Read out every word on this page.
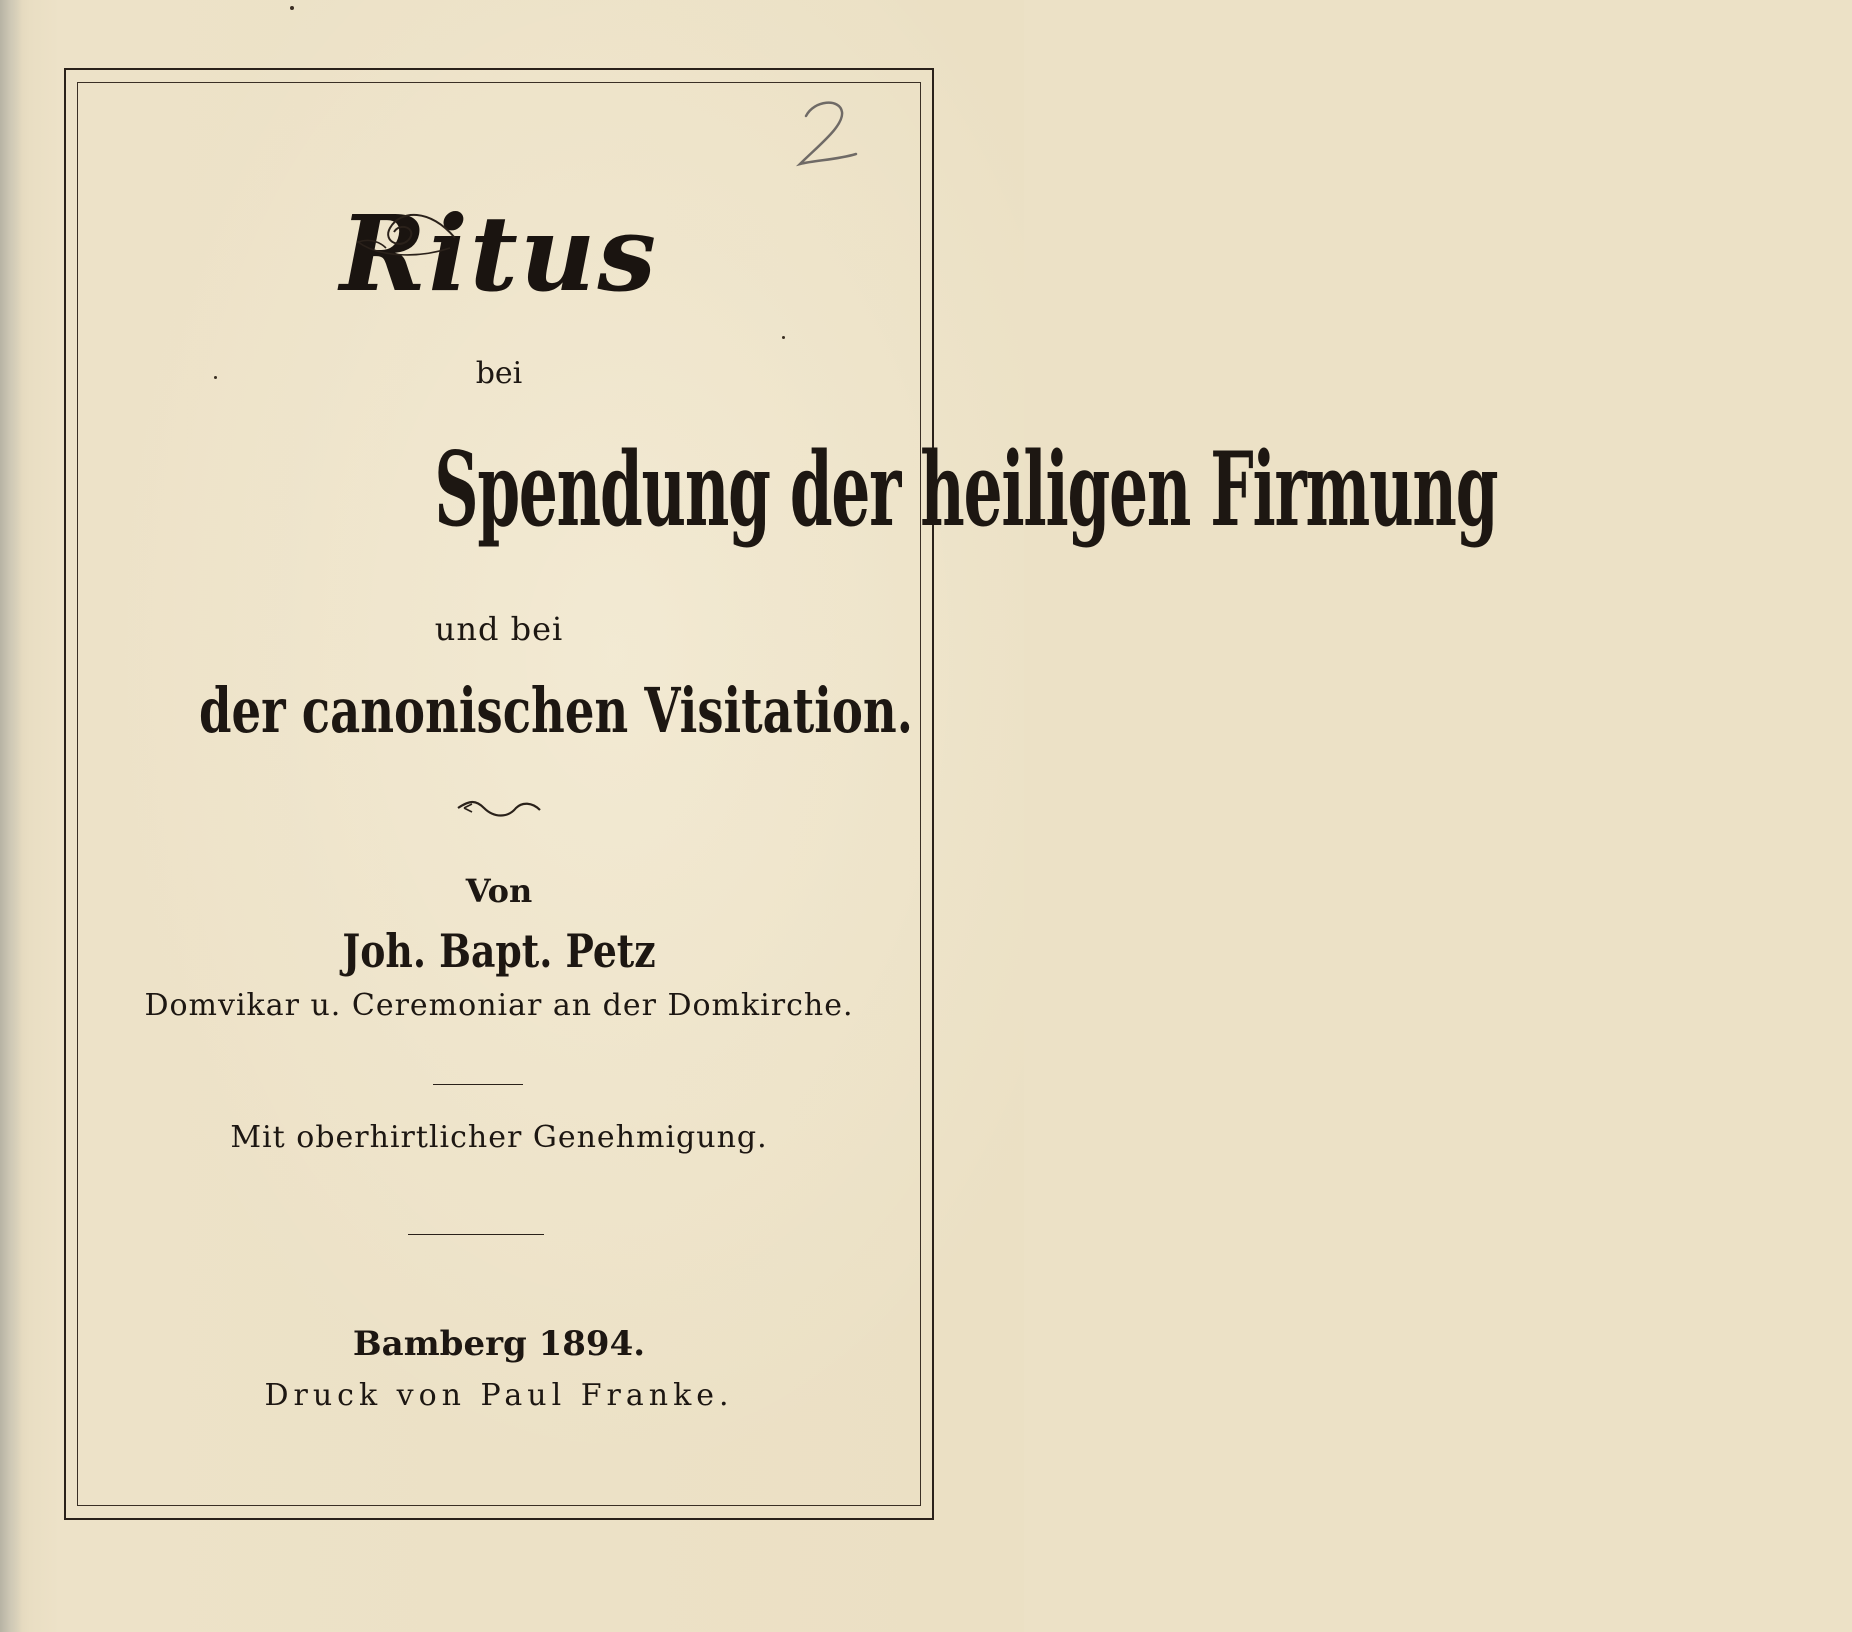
Ritus
bei
Spendung der heiligen Firmung
und bei
der canonischen Visitation.
Von
Joh. Bapt. Petz
Domvikar u. Ceremoniar an der Domkirche.
Mit oberhirtlicher Genehmigung.
Bamberg 1894.
Druck von Paul Franke.
